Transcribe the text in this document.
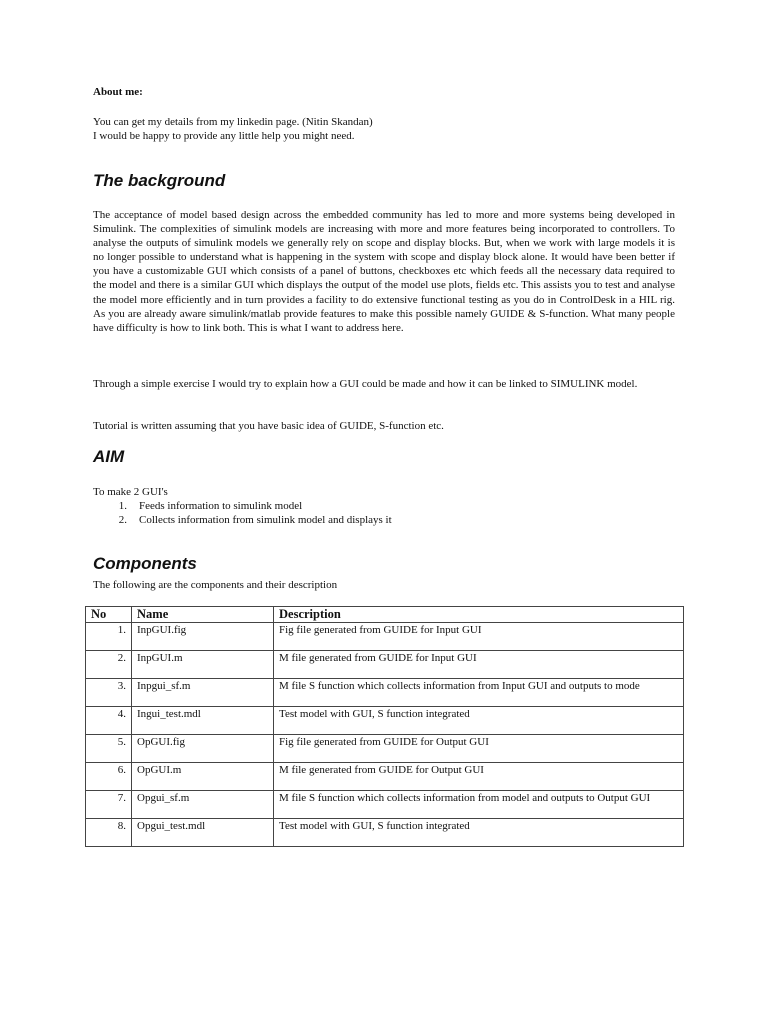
About me:

You can get my details from my linkedin page. (Nitin Skandan)
I would be happy to provide any little help you might need.
The background

The acceptance of model based design across the embedded community has led to more and more systems being developed in Simulink. The complexities of simulink models are increasing with more and more features being incorporated to controllers. To analyse the outputs of simulink models we generally rely on scope and display blocks. But, when we work with large models it is no longer possible to understand what is happening in the system with scope and display block alone. It would have been better if you have a customizable GUI which consists of a panel of buttons, checkboxes etc which feeds all the necessary data required to the model and there is a similar GUI which displays the output of the model use plots, fields etc. This assists you to test and analyse the model more efficiently and in turn provides a facility to do extensive functional testing as you do in ControlDesk in a HIL rig. As you are already aware simulink/matlab provide features to make this possible namely GUIDE & S-function. What many people have difficulty is how to link both. This is what I want to address here.

Through a simple exercise I would try to explain how a GUI could be made and how it can be linked to SIMULINK model.

Tutorial is written assuming that you have basic idea of GUIDE, S-function etc.

AIM

To make 2 GUI's

1. Feeds information to simulink model
2. Collects information from simulink model and displays it
Components

The following are the components and their description

No	Name	Description
1.	InpGUI.fig	Fig file generated from GUIDE for Input GUI
2.	InpGUI.m	M file generated from GUIDE for Input GUI
3.	Inpgui_sf.m	M file S function which collects information from Input GUI and outputs to mode
4.	Ingui_test.mdl	Test model with GUI, S function integrated
5.	OpGUI.fig	Fig file generated from GUIDE for Output GUI
6.	OpGUI.m	M file generated from GUIDE for Output GUI
7.	Opgui_sf.m	M file S function which collects information from model and outputs to Output GUI
8.	Opgui_test.mdl	Test model with GUI, S function integrated
